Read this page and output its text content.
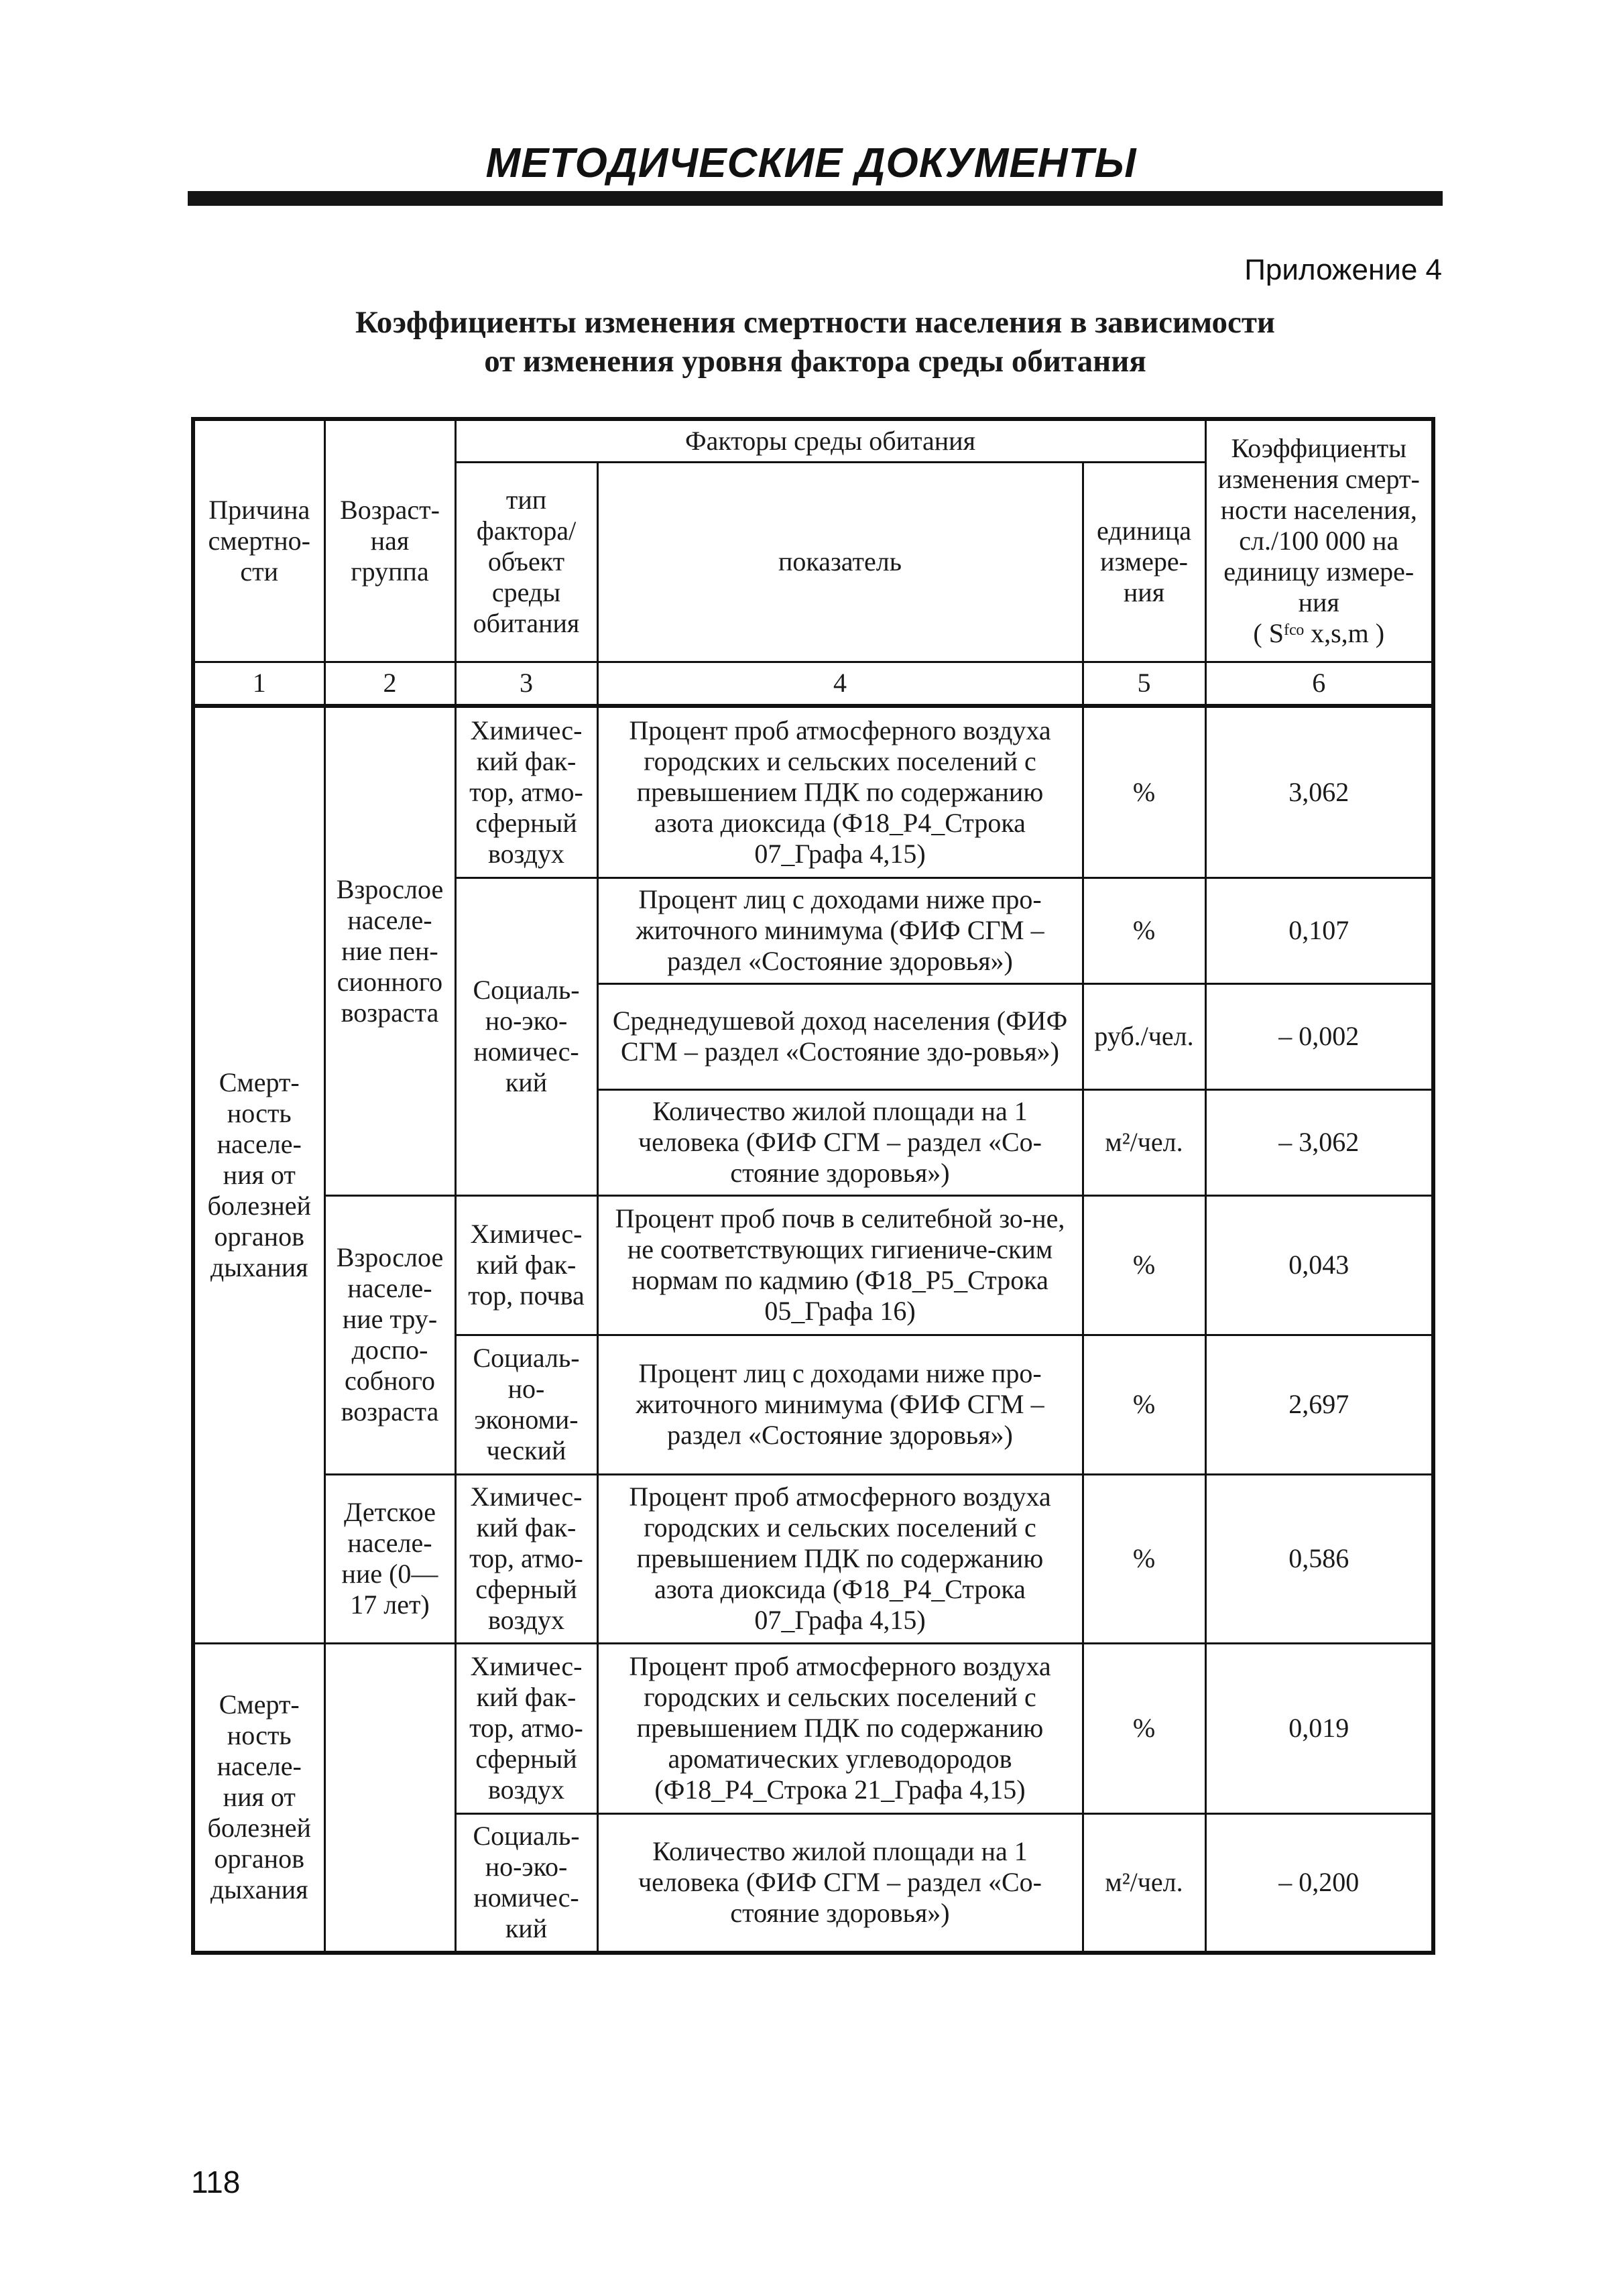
МЕТОДИЧЕСКИЕ ДОКУМЕНТЫ
Приложение 4
Коэффициенты изменения смертности населения в зависимости
от изменения уровня фактора среды обитания
Причина смертно-сти	Возраст-ная группа	Факторы среды обитания			Коэффициенты изменения смерт-ности населения, сл./100 000 на единицу измере-ния
( Sᶠᶜᵒ x,s,m )

		тип фактора/ объект среды обитания	показатель	единица измере-ния	
1	2	3	4	5	6
Смерт-ность населе-ния от болезней органов дыхания	Взрослое населе-ние пен-сионного возраста	Химичес-кий фак-тор, атмо-сферный воздух	Процент проб атмосферного воздуха городских и сельских поселений с превышением ПДК по содержанию азота диоксида (Ф18_Р4_Строка 07_Графа 4,15)	%	3,062
		Социаль-но-эко-номичес-кий	Процент лиц с доходами ниже про-житочного минимума (ФИФ СГМ – раздел «Состояние здоровья»)	%	0,107
			Среднедушевой доход населения (ФИФ СГМ – раздел «Состояние здо-ровья»)	руб./чел.	– 0,002
			Количество жилой площади на 1 человека (ФИФ СГМ – раздел «Со-стояние здоровья»)	м²/чел.	– 3,062
	Взрослое населе-ние тру-доспо-собного возраста	Химичес-кий фак-тор, почва	Процент проб почв в селитебной зо-не, не соответствующих гигиениче-ским нормам по кадмию (Ф18_Р5_Строка 05_Графа 16)	%	0,043
		Социаль-но-экономи-ческий	Процент лиц с доходами ниже про-житочного минимума (ФИФ СГМ – раздел «Состояние здоровья»)	%	2,697
	Детское населе-ние (0—17 лет)	Химичес-кий фак-тор, атмо-сферный воздух	Процент проб атмосферного воздуха городских и сельских поселений с превышением ПДК по содержанию азота диоксида (Ф18_Р4_Строка 07_Графа 4,15)	%	0,586
Смерт-ность населе-ния от болезней органов дыхания		Химичес-кий фак-тор, атмо-сферный воздух	Процент проб атмосферного воздуха городских и сельских поселений с превышением ПДК по содержанию ароматических углеводородов (Ф18_Р4_Строка 21_Графа 4,15)	%	0,019
		Социаль-но-эко-номичес-кий	Количество жилой площади на 1 человека (ФИФ СГМ – раздел «Со-стояние здоровья»)	м²/чел.	– 0,200
118
